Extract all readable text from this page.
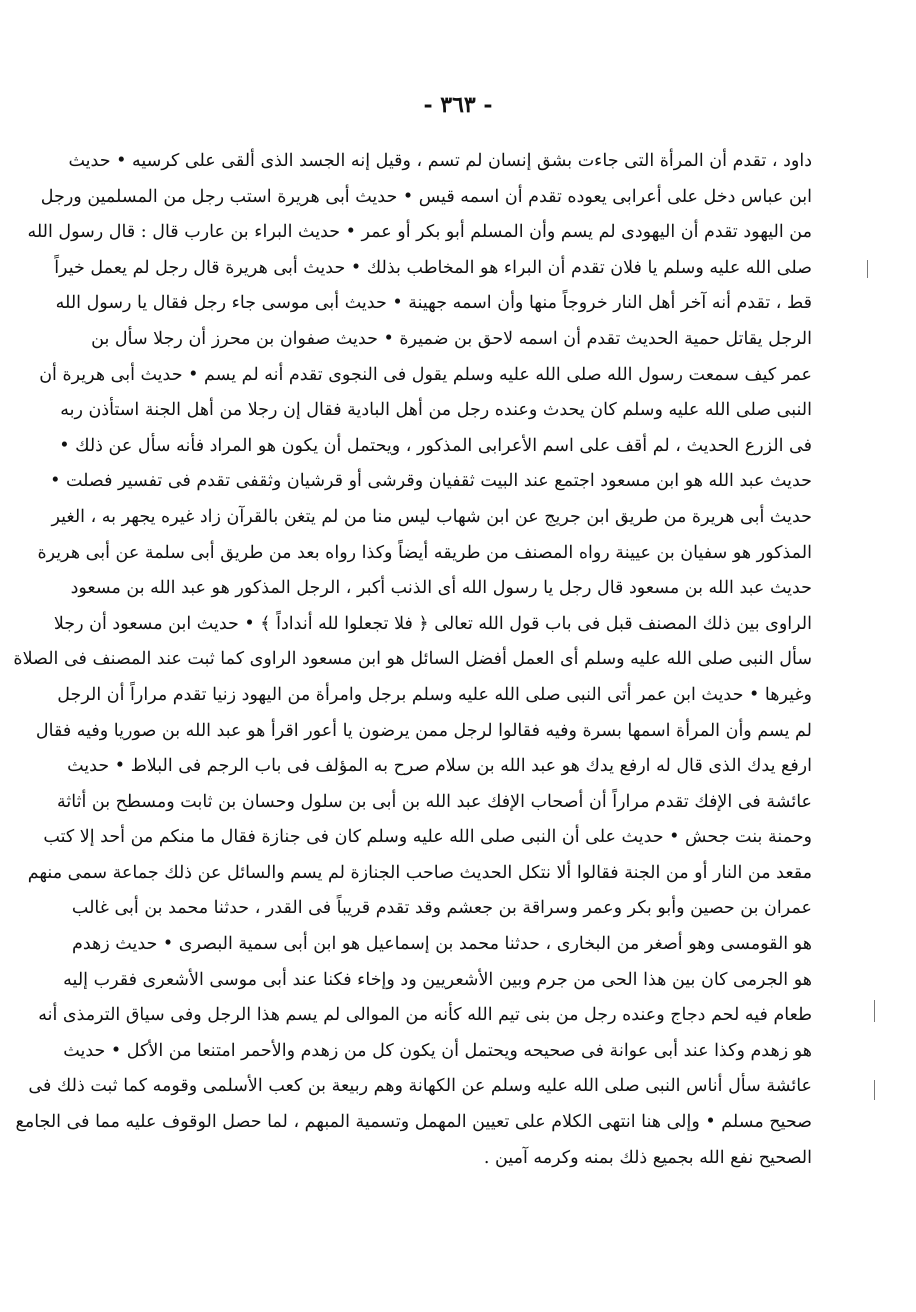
- ٣٦٣ -
داود ، تقدم أن المرأة التى جاءت بشق إنسان لم تسم ، وقيل إنه الجسد الذى ألقى على كرسيه • حديث
ابن عباس دخل على أعرابى يعوده تقدم أن اسمه قيس • حديث أبى هريرة استب رجل من المسلمين ورجل
من اليهود تقدم أن اليهودى لم يسم وأن المسلم أبو بكر أو عمر • حديث البراء بن عارب قال : قال رسول الله
صلى الله عليه وسلم يا فلان تقدم أن البراء هو المخاطب بذلك • حديث أبى هريرة قال رجل لم يعمل خيراً
قط ، تقدم أنه آخر أهل النار خروجاً منها وأن اسمه جهينة • حديث أبى موسى جاء رجل فقال يا رسول الله
الرجل يقاتل حمية الحديث تقدم أن اسمه لاحق بن ضميرة • حديث صفوان بن محرز أن رجلا سأل بن
عمر كيف سمعت رسول الله صلى الله عليه وسلم يقول فى النجوى تقدم أنه لم يسم • حديث أبى هريرة أن
النبى صلى الله عليه وسلم كان يحدث وعنده رجل من أهل البادية فقال إن رجلا من أهل الجنة استأذن ربه
فى الزرع الحديث ، لم أقف على اسم الأعرابى المذكور ، ويحتمل أن يكون هو المراد فأنه سأل عن ذلك •
حديث عبد الله هو ابن مسعود اجتمع عند البيت ثقفيان وقرشى أو قرشيان وثقفى تقدم فى تفسير فصلت •
حديث أبى هريرة من طريق ابن جريج عن ابن شهاب ليس منا من لم يتغن بالقرآن زاد غيره يجهر به ، الغير
المذكور هو سفيان بن عيينة رواه المصنف من طريقه أيضاً وكذا رواه بعد من طريق أبى سلمة عن أبى هريرة
حديث عبد الله بن مسعود قال رجل يا رسول الله أى الذنب أكبر ، الرجل المذكور هو عبد الله بن مسعود
الراوى بين ذلك المصنف قبل فى باب قول الله تعالى ﴿ فلا تجعلوا لله أنداداً ﴾ • حديث ابن مسعود أن رجلا
سأل النبى صلى الله عليه وسلم أى العمل أفضل السائل هو ابن مسعود الراوى كما ثبت عند المصنف فى الصلاة
وغيرها • حديث ابن عمر أتى النبى صلى الله عليه وسلم برجل وامرأة من اليهود زنيا تقدم مراراً أن الرجل
لم يسم وأن المرأة اسمها بسرة وفيه فقالوا لرجل ممن يرضون يا أعور اقرأ هو عبد الله بن صوريا وفيه فقال
ارفع يدك الذى قال له ارفع يدك هو عبد الله بن سلام صرح به المؤلف فى باب الرجم فى البلاط • حديث
عائشة فى الإفك تقدم مراراً أن أصحاب الإفك عبد الله بن أبى بن سلول وحسان بن ثابت ومسطح بن أثاثة
وحمنة بنت جحش • حديث على أن النبى صلى الله عليه وسلم كان فى جنازة فقال ما منكم من أحد إلا كتب
مقعد من النار أو من الجنة فقالوا ألا نتكل الحديث صاحب الجنازة لم يسم والسائل عن ذلك جماعة سمى منهم
عمران بن حصين وأبو بكر وعمر وسراقة بن جعشم وقد تقدم قريباً فى القدر ، حدثنا محمد بن أبى غالب
هو القومسى وهو أصغر من البخارى ، حدثنا محمد بن إسماعيل هو ابن أبى سمية البصرى • حديث زهدم
هو الجرمى كان بين هذا الحى من جرم وبين الأشعريين ود وإخاء فكنا عند أبى موسى الأشعرى فقرب إليه
طعام فيه لحم دجاج وعنده رجل من بنى تيم الله كأنه من الموالى لم يسم هذا الرجل وفى سياق الترمذى أنه
هو زهدم وكذا عند أبى عوانة فى صحيحه ويحتمل أن يكون كل من زهدم والأحمر امتنعا من الأكل • حديث
عائشة سأل أناس النبى صلى الله عليه وسلم عن الكهانة وهم ربيعة بن كعب الأسلمى وقومه كما ثبت ذلك فى
صحيح مسلم • وإلى هنا انتهى الكلام على تعيين المهمل وتسمية المبهم ، لما حصل الوقوف عليه مما فى الجامع
الصحيح نفع الله بجميع ذلك بمنه وكرمه آمين .
